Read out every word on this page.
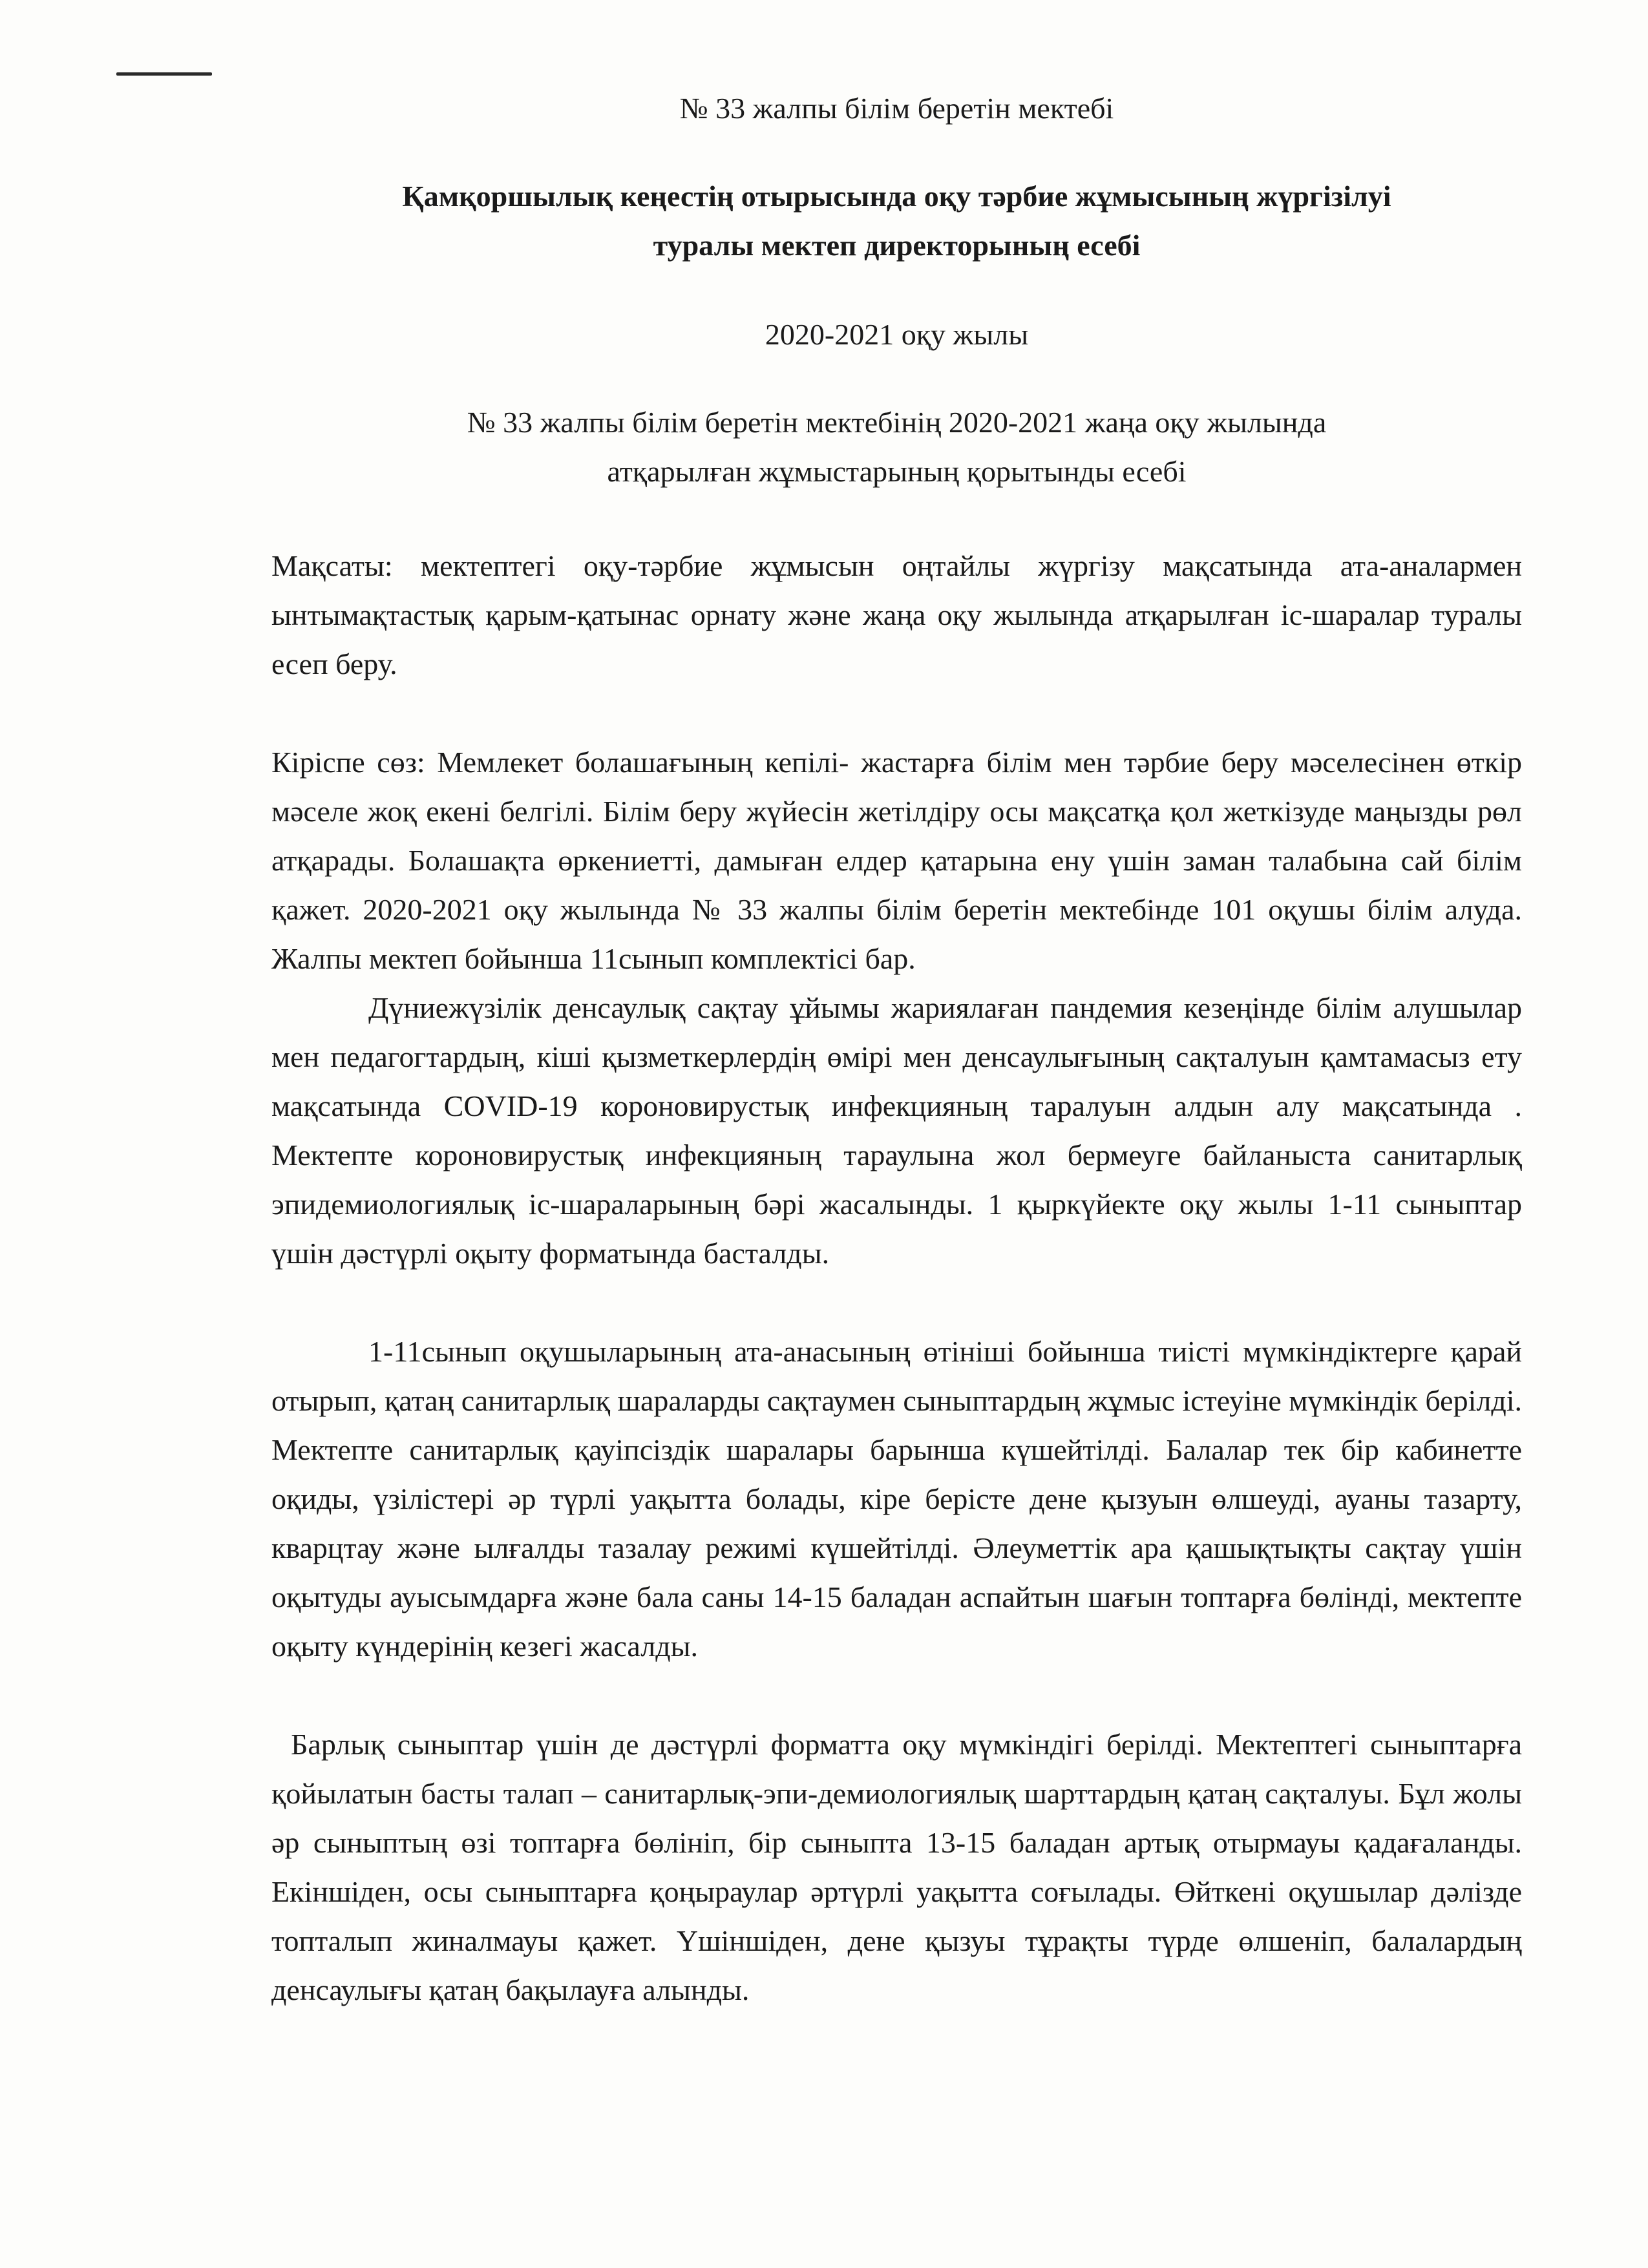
№ 33 жалпы білім беретін мектебі
Қамқоршылық кеңестің отырысында оқу тәрбие жұмысының жүргізілуі
туралы мектеп директорының есебі
2020-2021 оқу жылы
№ 33 жалпы білім беретін мектебінің 2020-2021 жаңа оқу жылында
атқарылған жұмыстарының қорытынды есебі

Мақсаты: мектептегі оқу-тәрбие жұмысын оңтайлы жүргізу мақсатында ата-аналармен ынтымақтастық қарым-қатынас орнату және жаңа оқу жылында атқарылған іс-шаралар туралы есеп беру.

Кіріспе сөз: Мемлекет болашағының кепілі- жастарға білім мен тәрбие беру мәселесінен өткір мәселе жоқ екені белгілі. Білім беру жүйесін жетілдіру осы мақсатқа қол жеткізуде маңызды рөл атқарады. Болашақта өркениетті, дамыған елдер қатарына ену үшін заман талабына сай білім қажет. 2020-2021 оқу жылында № 33 жалпы білім беретін мектебінде 101 оқушы білім алуда. Жалпы мектеп бойынша 11сынып комплектісі бар.

Дүниежүзілік денсаулық сақтау ұйымы жариялаған пандемия кезеңінде білім алушылар мен педагогтардың, кіші қызметкерлердің өмірі мен денсаулығының сақталуын қамтамасыз ету мақсатында COVID-19 короновирустық инфекцияның таралуын алдын алу мақсатында . Мектепте короновирустық инфекцияның тараулына жол бермеуге байланыста санитарлық эпидемиологиялық іс-шараларының бәрі жасалынды. 1 қыркүйекте оқу жылы 1-11 сыныптар үшін дәстүрлі оқыту форматында басталды.

1-11сынып оқушыларының ата-анасының өтініші бойынша тиісті мүмкіндіктерге қарай отырып, қатаң санитарлық шараларды сақтаумен сыныптардың жұмыс істеуіне мүмкіндік берілді. Мектепте санитарлық қауіпсіздік шаралары барынша күшейтілді. Балалар тек бір кабинетте оқиды, үзілістері әр түрлі уақытта болады, кіре берісте дене қызуын өлшеуді, ауаны тазарту, кварцтау және ылғалды тазалау режимі күшейтілді. Әлеуметтік ара қашықтықты сақтау үшін оқытуды ауысымдарға және бала саны 14-15 баладан аспайтын шағын топтарға бөлінді, мектепте оқыту күндерінің кезегі жасалды.

Барлық сыныптар үшін де дәстүрлі форматта оқу мүмкіндігі берілді. Мектептегі сыныптарға қойылатын басты талап – санитарлық-эпи-демиологиялық шарттардың қатаң сақталуы. Бұл жолы әр сыныптың өзі топтарға бөлініп, бір сыныпта 13-15 баладан артық отырмауы қадағаланды. Екіншіден, осы сыныптарға қоңыраулар әртүрлі уақытта соғылады. Өйткені оқушылар дәлізде топталып жиналмауы қажет. Үшіншіден, дене қызуы тұрақты түрде өлшеніп, балалардың денсаулығы қатаң бақылауға алынды.
